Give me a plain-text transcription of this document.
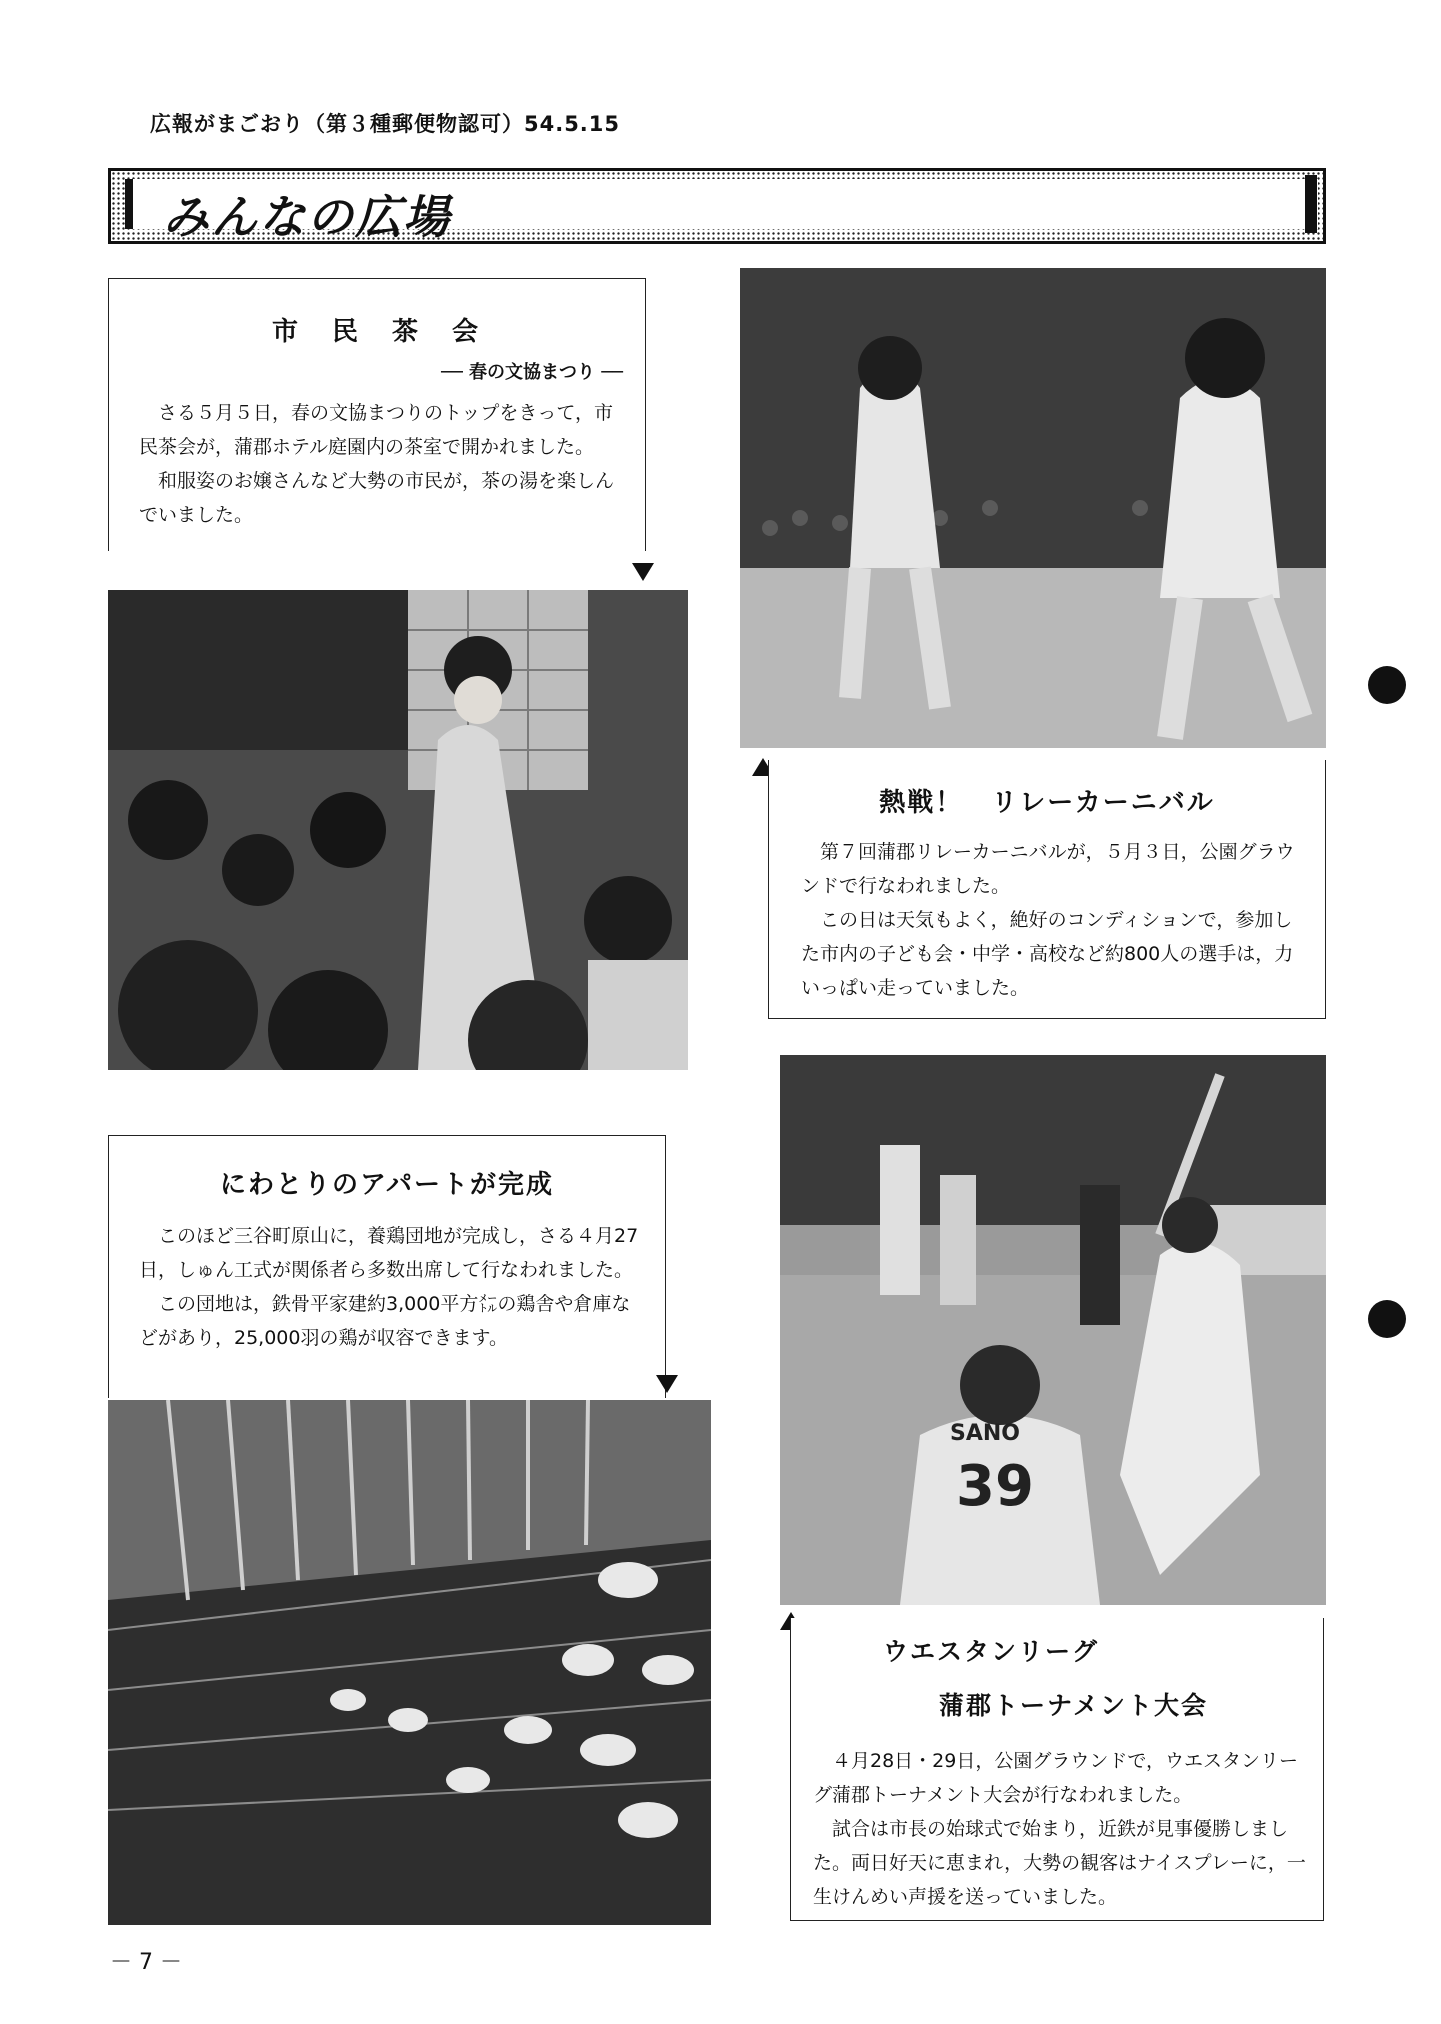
広報がまごおり（第３種郵便物認可）54.5.15
みんなの広場
市　民　茶　会
── 春の文協まつり ──

さる５月５日，春の文協まつりのトップをきって，市民茶会が，蒲郡ホテル庭園内の茶室で開かれました。

和服姿のお嬢さんなど大勢の市民が，茶の湯を楽しんでいました。

熱戦！　リレーカーニバル

第７回蒲郡リレーカーニバルが，５月３日，公園グラウンドで行なわれました。

この日は天気もよく，絶好のコンディションで，参加した市内の子ども会・中学・高校など約800人の選手は，力いっぱい走っていました。

にわとりのアパートが完成

このほど三谷町原山に，養鶏団地が完成し，さる４月27日，しゅん工式が関係者ら多数出席して行なわれました。

この団地は，鉄骨平家建約3,000平方㍍の鶏舎や倉庫などがあり，25,000羽の鶏が収容できます。

SANO
39
ウエスタンリーグ
蒲郡トーナメント大会

４月28日・29日，公園グラウンドで，ウエスタンリーグ蒲郡トーナメント大会が行なわれました。

試合は市長の始球式で始まり，近鉄が見事優勝しました。両日好天に恵まれ，大勢の観客はナイスプレーに，一生けんめい声援を送っていました。

－ 7 －
